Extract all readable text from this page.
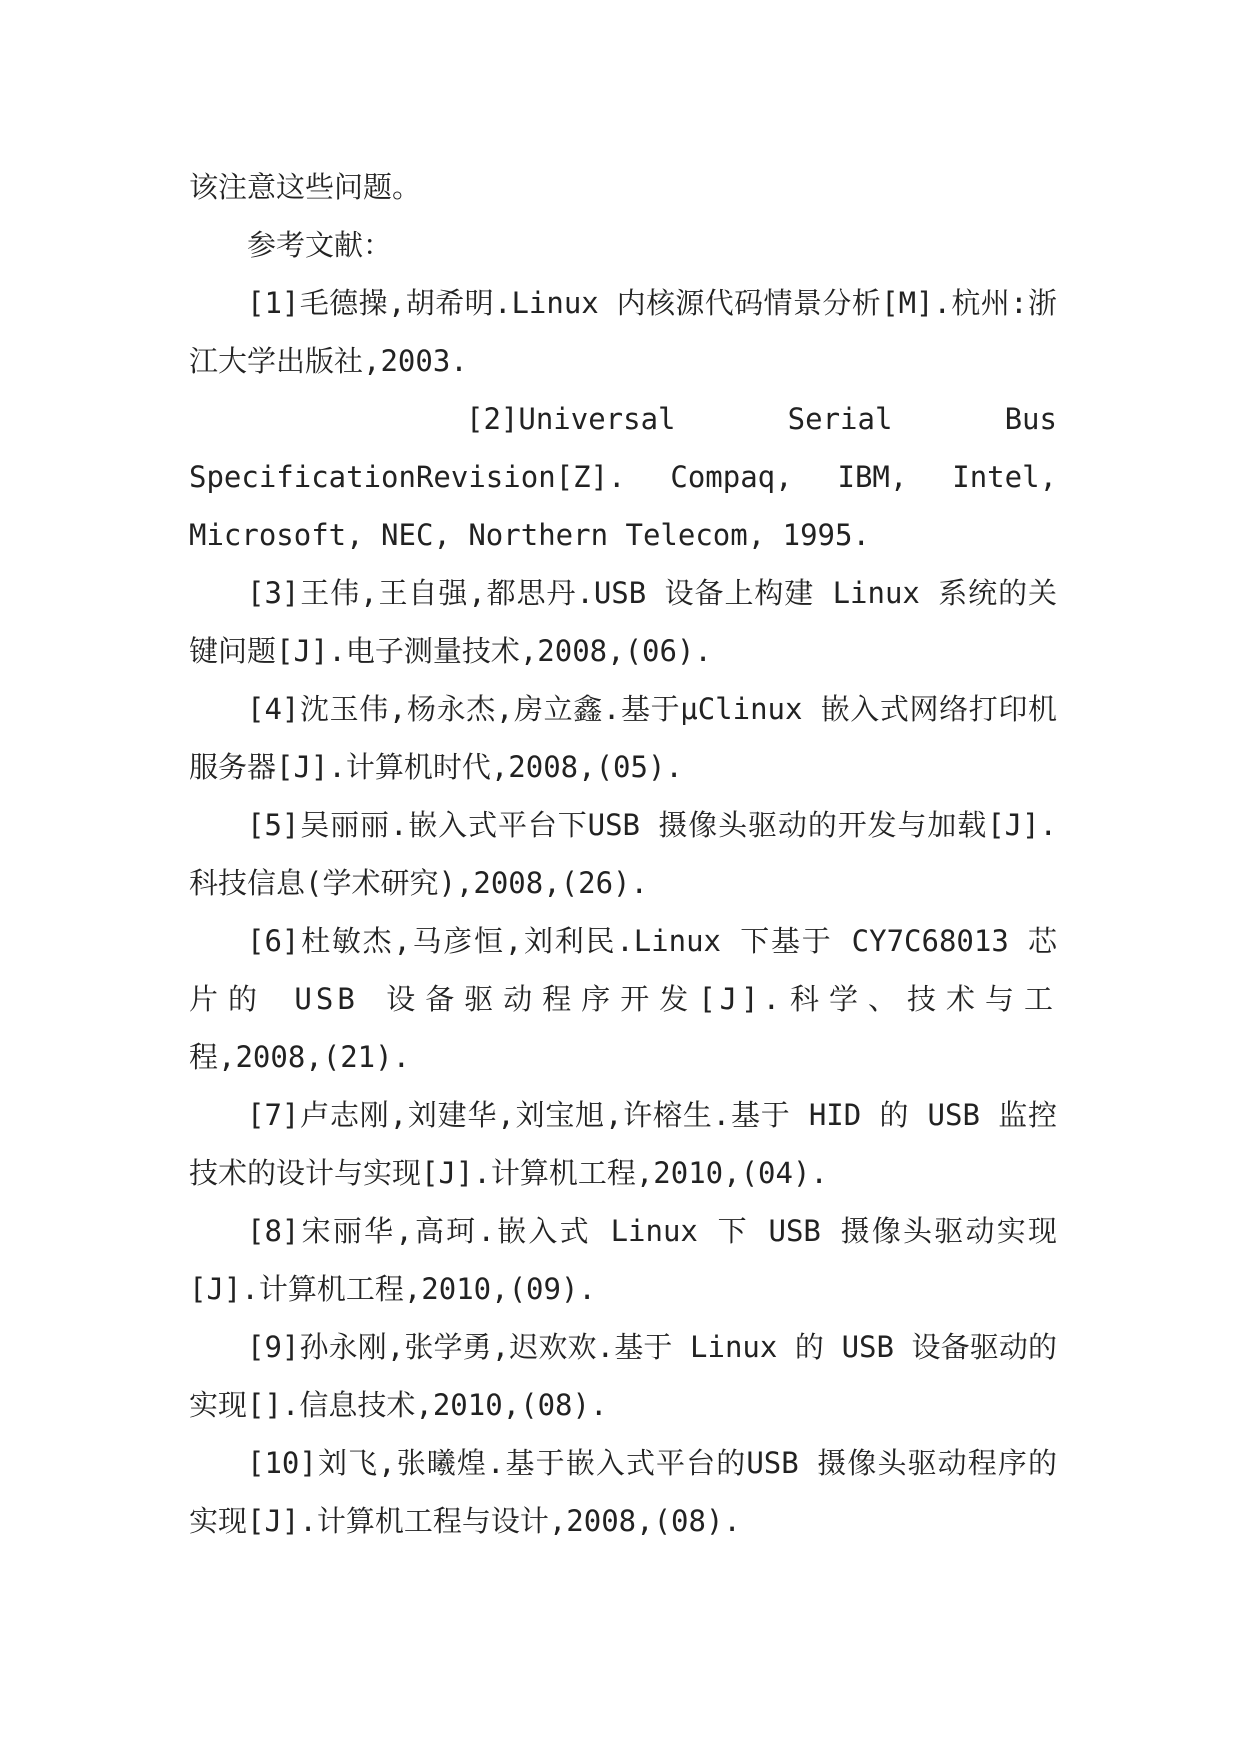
该注意这些问题。

参考文献：

[1]毛德操,胡希明.Linux 内核源代码情景分析[M].杭州:浙江大学出版社,2003.

[2]Universal	Serial	Bus
SpecificationRevision[Z]. Compaq, IBM, Intel,
Microsoft, NEC, Northern Telecom, 1995.

[3]王伟,王自强,都思丹.USB 设备上构建 Linux 系统的关键问题[J].电子测量技术,2008,(06).

[4]沈玉伟,杨永杰,房立鑫.基于μClinux 嵌入式网络打印机服务器[J].计算机时代,2008,(05).

[5]吴丽丽.嵌入式平台下USB 摄像头驱动的开发与加载[J].科技信息(学术研究),2008,(26).

[6]杜敏杰,马彦恒,刘利民.Linux 下基于 CY7C68013 芯
片的 USB 设备驱动程序开发[J].科学、技术与工
程,2008,(21).

[7]卢志刚,刘建华,刘宝旭,许榕生.基于 HID 的 USB 监控技术的设计与实现[J].计算机工程,2010,(04).

[8]宋丽华,高珂.嵌入式 Linux 下 USB 摄像头驱动实现[J].计算机工程,2010,(09).

[9]孙永刚,张学勇,迟欢欢.基于 Linux 的 USB 设备驱动的实现[].信息技术,2010,(08).

[10]刘飞,张曦煌.基于嵌入式平台的USB 摄像头驱动程序的实现[J].计算机工程与设计,2008,(08).
